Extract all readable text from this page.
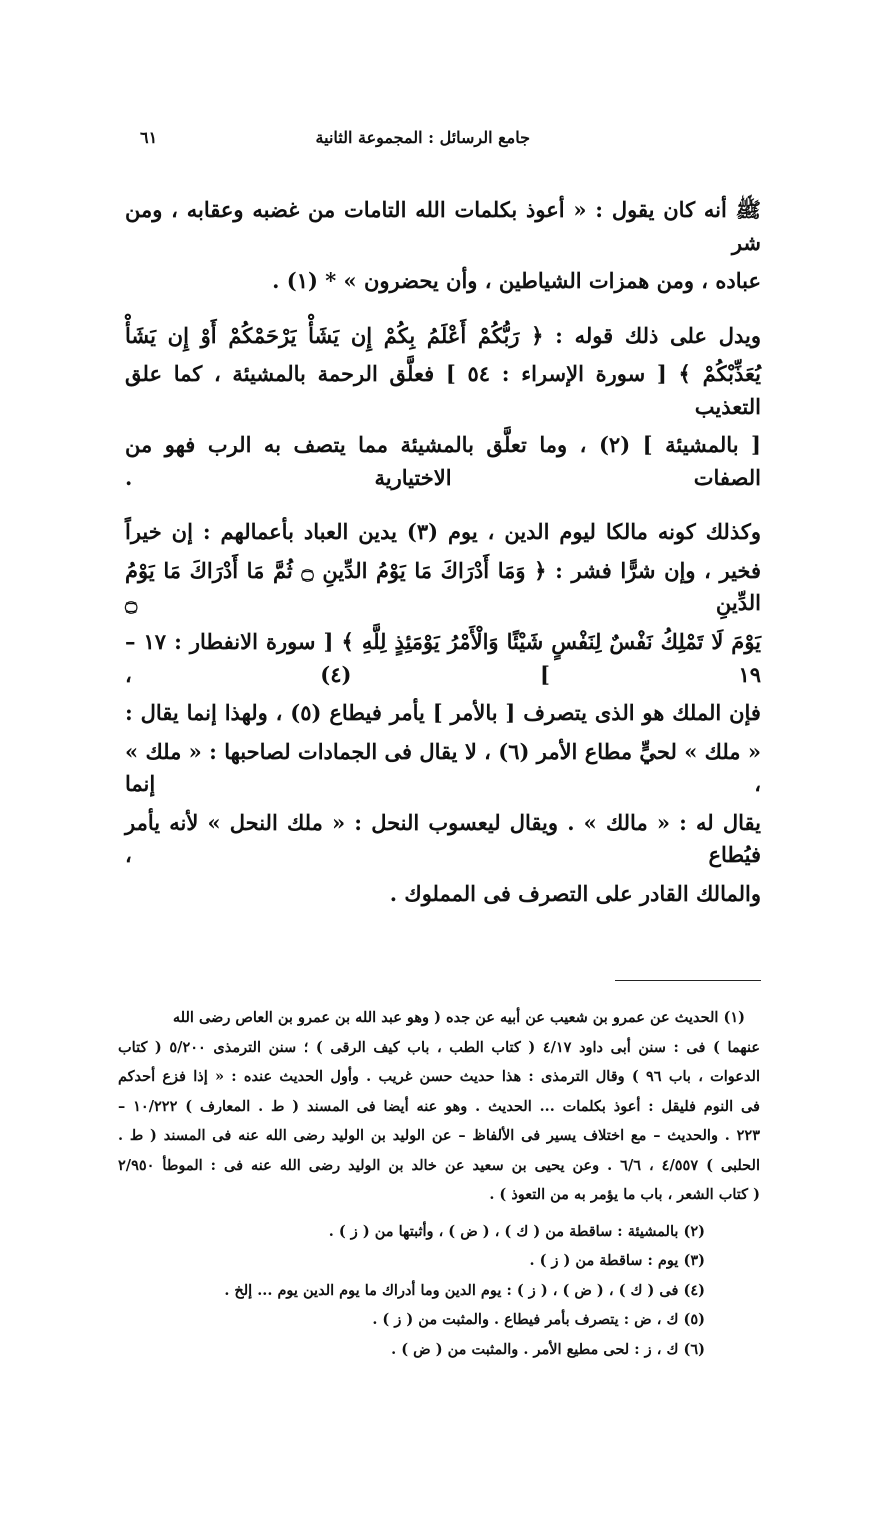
٦١	جامع الرسائل : المجموعة الثانية
ﷺ أنه كان يقول : « أعوذ بكلمات الله التامات من غضبه وعقابه ، ومن شر
عباده ، ومن همزات الشياطين ، وأن يحضرون » * (١) .
ويدل على ذلك قوله : ﴿ رَبُّكُمْ أَعْلَمُ بِكُمْ إِن يَشَأْ يَرْحَمْكُمْ أَوْ إِن يَشَأْ
يُعَذِّبْكُمْ ﴾ [ سورة الإسراء : ٥٤ ] فعلَّق الرحمة بالمشيئة ، كما علق التعذيب
[ بالمشيئة ] (٢) ، وما تعلَّق بالمشيئة مما يتصف به الرب فهو من الصفات الاختيارية .
وكذلك كونه مالكا ليوم الدين ، يوم (٣) يدين العباد بأعمالهم : إن خيراً
فخير ، وإن شرًّا فشر : ﴿ وَمَا أَدْرَاكَ مَا يَوْمُ الدِّينِ ۝ ثُمَّ مَا أَدْرَاكَ مَا يَوْمُ الدِّينِ ۝
يَوْمَ لَا تَمْلِكُ نَفْسٌ لِنَفْسٍ شَيْئًا وَالْأَمْرُ يَوْمَئِذٍ لِلَّهِ ﴾ [ سورة الانفطار : ١٧ – ١٩ ] (٤) ،
فإن الملك هو الذى يتصرف [ بالأمر ] يأمر فيطاع (٥) ، ولهذا إنما يقال :
« ملك » لحيٍّ مطاع الأمر (٦) ، لا يقال فى الجمادات لصاحبها : « ملك » ، إنما
يقال له : « مالك » . ويقال ليعسوب النحل : « ملك النحل » لأنه يأمر فيُطاع ،
والمالك القادر على التصرف فى المملوك .
(١) الحديث عن عمرو بن شعيب عن أبيه عن جده ( وهو عبد الله بن عمرو بن العاص رضى الله
عنهما ) فى : سنن أبى داود ٤/١٧ ( كتاب الطب ، باب كيف الرقى ) ؛ سنن الترمذى ٥/٢٠٠ ( كتاب
الدعوات ، باب ٩٦ ) وقال الترمذى : هذا حديث حسن غريب . وأول الحديث عنده : « إذا فزع أحدكم
فى النوم فليقل : أعوذ بكلمات ... الحديث . وهو عنه أيضا فى المسند ( ط . المعارف ) ١٠/٢٢٢ –
٢٢٣ . والحديث – مع اختلاف يسير فى الألفاظ – عن الوليد بن الوليد رضى الله عنه فى المسند ( ط .
الحلبى ) ٤/٥٥٧ ، ٦/٦ . وعن يحيى بن سعيد عن خالد بن الوليد رضى الله عنه فى : الموطأ ٢/٩٥٠
( كتاب الشعر ، باب ما يؤمر به من التعوذ ) .
(٢) بالمشيئة : ساقطة من ( ك ) ، ( ض ) ، وأثبتها من ( ز ) .
(٣) يوم : ساقطة من ( ز ) .
(٤) فى ( ك ) ، ( ض ) ، ( ز ) : يوم الدين وما أدراك ما يوم الدين يوم ... إلخ .
(٥) ك ، ض : يتصرف بأمر فيطاع . والمثبت من ( ز ) .
(٦) ك ، ز : لحى مطيع الأمر . والمثبت من ( ض ) .
